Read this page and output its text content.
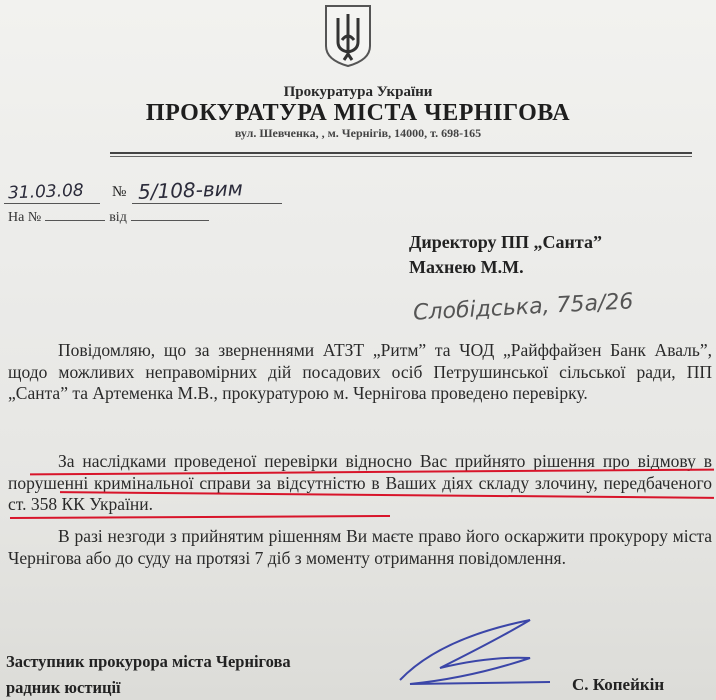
Прокуратура України
ПРОКУРАТУРА МІСТА ЧЕРНІГОВА
вул. Шевченка, , м. Чернігів, 14000, т. 698-165
31.03.08 № 5/108-вим
На №	від
Директору ПП „Санта”
Махнею М.М.
Слобідська, 75а/26
Повідомляю, що за зверненнями АТЗТ „Ритм” та ЧОД „Райффайзен Банк Аваль”, щодо можливих неправомірних дій посадових осіб Петрушинської сільської ради, ПП „Санта” та Артеменка М.В., прокуратурою м. Чернігова проведено перевірку.
За наслідками проведеної перевірки відносно Вас прийнято рішення про відмову в порушенні кримінальної справи за відсутністю в Ваших діях складу злочину, передбаченого ст. 358 КК України.
В разі незгоди з прийнятим рішенням Ви маєте право його оскаржити прокурору міста Чернігова або до суду на протязі 7 діб з моменту отримання повідомлення.
Заступник прокурора міста Чернігова
радник юстиції	С. Копейкін
